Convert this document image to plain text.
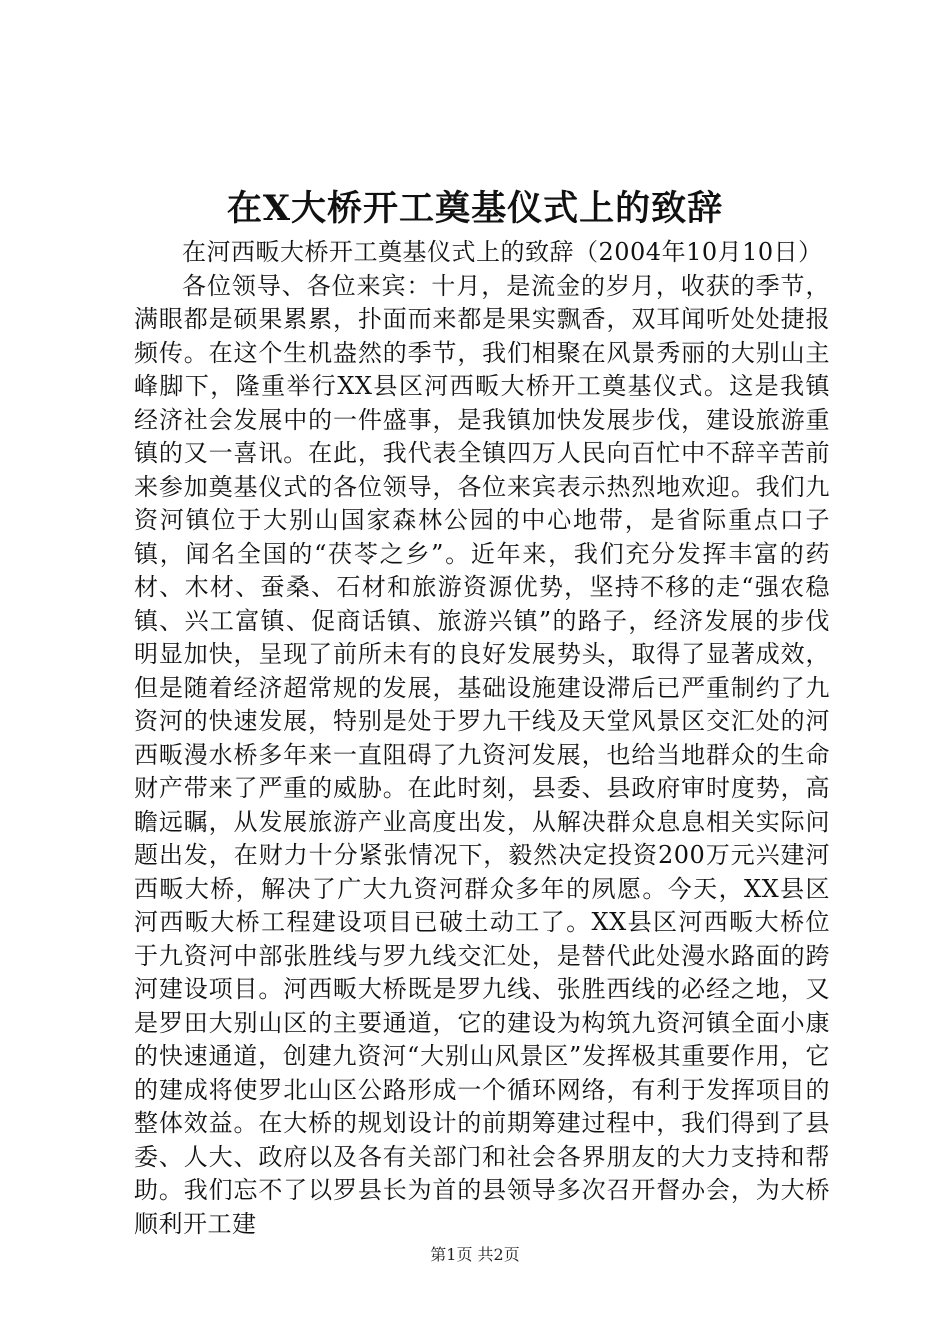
在X大桥开工奠基仪式上的致辞

在河西畈大桥开工奠基仪式上的致辞（2004年10月10日）

各位领导、各位来宾：十月，是流金的岁月，收获的季节，满眼都是硕果累累，扑面而来都是果实飘香，双耳闻听处处捷报频传。在这个生机盎然的季节，我们相聚在风景秀丽的大别山主峰脚下，隆重举行XX县区河西畈大桥开工奠基仪式。这是我镇经济社会发展中的一件盛事，是我镇加快发展步伐，建设旅游重镇的又一喜讯。在此，我代表全镇四万人民向百忙中不辞辛苦前来参加奠基仪式的各位领导，各位来宾表示热烈地欢迎。我们九资河镇位于大别山国家森林公园的中心地带，是省际重点口子镇，闻名全国的“茯苓之乡”。近年来，我们充分发挥丰富的药材、木材、蚕桑、石材和旅游资源优势，坚持不移的走“强农稳镇、兴工富镇、促商话镇、旅游兴镇”的路子，经济发展的步伐明显加快，呈现了前所未有的良好发展势头，取得了显著成效，但是随着经济超常规的发展，基础设施建设滞后已严重制约了九资河的快速发展，特别是处于罗九干线及天堂风景区交汇处的河西畈漫水桥多年来一直阻碍了九资河发展，也给当地群众的生命财产带来了严重的威胁。在此时刻，县委、县政府审时度势，高瞻远瞩，从发展旅游产业高度出发，从解决群众息息相关实际问题出发，在财力十分紧张情况下，毅然决定投资200万元兴建河西畈大桥，解决了广大九资河群众多年的夙愿。今天，XX县区河西畈大桥工程建设项目已破土动工了。XX县区河西畈大桥位于九资河中部张胜线与罗九线交汇处，是替代此处漫水路面的跨河建设项目。河西畈大桥既是罗九线、张胜西线的必经之地，又是罗田大别山区的主要通道，它的建设为构筑九资河镇全面小康的快速通道，创建九资河“大别山风景区”发挥极其重要作用，它的建成将使罗北山区公路形成一个循环网络，有利于发挥项目的整体效益。在大桥的规划设计的前期筹建过程中，我们得到了县委、人大、政府以及各有关部门和社会各界朋友的大力支持和帮助。我们忘不了以罗县长为首的县领导多次召开督办会，为大桥顺利开工建

第1页 共2页
